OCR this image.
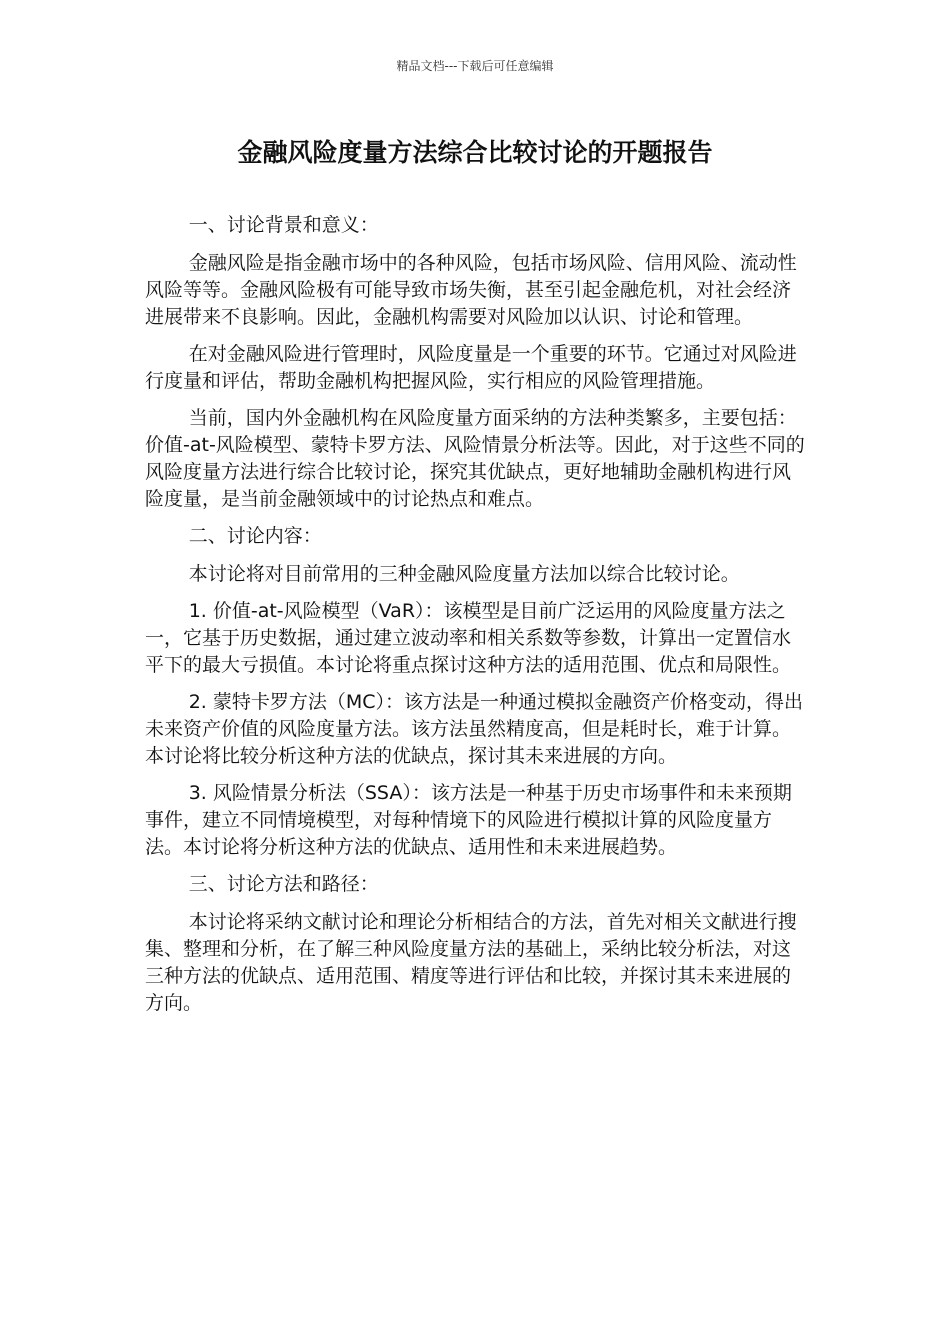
精品文档---下载后可任意编辑
金融风险度量方法综合比较讨论的开题报告

一、讨论背景和意义：

金融风险是指金融市场中的各种风险，包括市场风险、信用风险、流动性风险等等。金融风险极有可能导致市场失衡，甚至引起金融危机，对社会经济进展带来不良影响。因此，金融机构需要对风险加以认识、讨论和管理。

在对金融风险进行管理时，风险度量是一个重要的环节。它通过对风险进行度量和评估，帮助金融机构把握风险，实行相应的风险管理措施。

当前，国内外金融机构在风险度量方面采纳的方法种类繁多，主要包括：价值-at-风险模型、蒙特卡罗方法、风险情景分析法等。因此，对于这些不同的风险度量方法进行综合比较讨论，探究其优缺点，更好地辅助金融机构进行风险度量，是当前金融领域中的讨论热点和难点。

二、讨论内容：

本讨论将对目前常用的三种金融风险度量方法加以综合比较讨论。

1. 价值-at-风险模型（VaR）：该模型是目前广泛运用的风险度量方法之一，它基于历史数据，通过建立波动率和相关系数等参数，计算出一定置信水平下的最大亏损值。本讨论将重点探讨这种方法的适用范围、优点和局限性。

2. 蒙特卡罗方法（MC）：该方法是一种通过模拟金融资产价格变动，得出未来资产价值的风险度量方法。该方法虽然精度高，但是耗时长，难于计算。本讨论将比较分析这种方法的优缺点，探讨其未来进展的方向。

3. 风险情景分析法（SSA）：该方法是一种基于历史市场事件和未来预期事件，建立不同情境模型，对每种情境下的风险进行模拟计算的风险度量方法。本讨论将分析这种方法的优缺点、适用性和未来进展趋势。

三、讨论方法和路径：

本讨论将采纳文献讨论和理论分析相结合的方法，首先对相关文献进行搜集、整理和分析，在了解三种风险度量方法的基础上，采纳比较分析法，对这三种方法的优缺点、适用范围、精度等进行评估和比较，并探讨其未来进展的方向。
